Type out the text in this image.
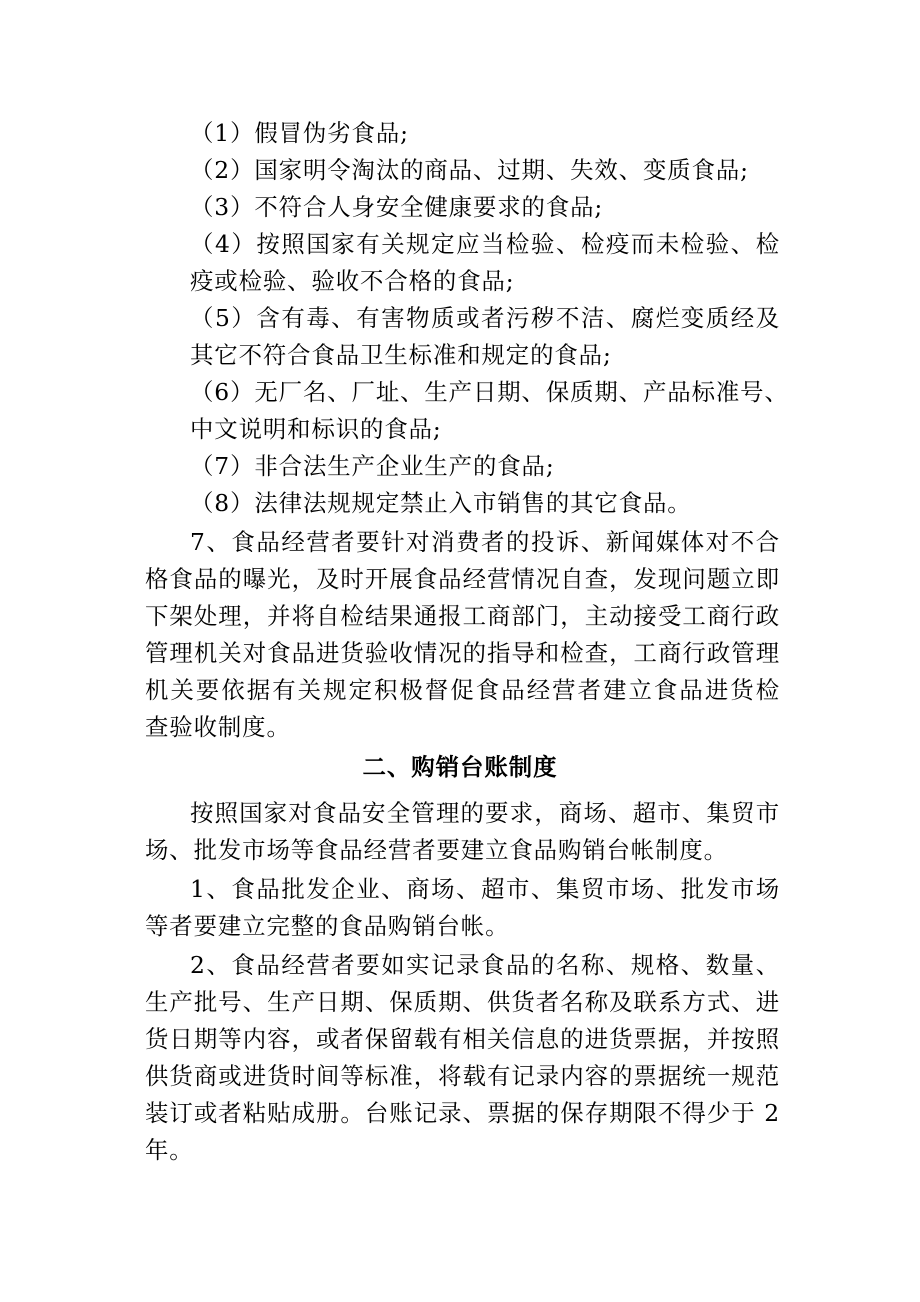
（1）假冒伪劣食品;

（2）国家明令淘汰的商品、过期、失效、变质食品;

（3）不符合人身安全健康要求的食品;

（4）按照国家有关规定应当检验、检疫而未检验、检

疫或检验、验收不合格的食品;

（5）含有毒、有害物质或者污秽不洁、腐烂变质经及

其它不符合食品卫生标准和规定的食品;

（6）无厂名、厂址、生产日期、保质期、产品标准号、

中文说明和标识的食品;

（7）非合法生产企业生产的食品;

（8）法律法规规定禁止入市销售的其它食品。

7、食品经营者要针对消费者的投诉、新闻媒体对不合

格食品的曝光，及时开展食品经营情况自查，发现问题立即

下架处理，并将自检结果通报工商部门，主动接受工商行政

管理机关对食品进货验收情况的指导和检查，工商行政管理

机关要依据有关规定积极督促食品经营者建立食品进货检

查验收制度。

二、购销台账制度

按照国家对食品安全管理的要求，商场、超市、集贸市

场、批发市场等食品经营者要建立食品购销台帐制度。

1、食品批发企业、商场、超市、集贸市场、批发市场

等者要建立完整的食品购销台帐。

2、食品经营者要如实记录食品的名称、规格、数量、

生产批号、生产日期、保质期、供货者名称及联系方式、进

货日期等内容，或者保留载有相关信息的进货票据，并按照

供货商或进货时间等标准，将载有记录内容的票据统一规范

装订或者粘贴成册。台账记录、票据的保存期限不得少于 2

年。
